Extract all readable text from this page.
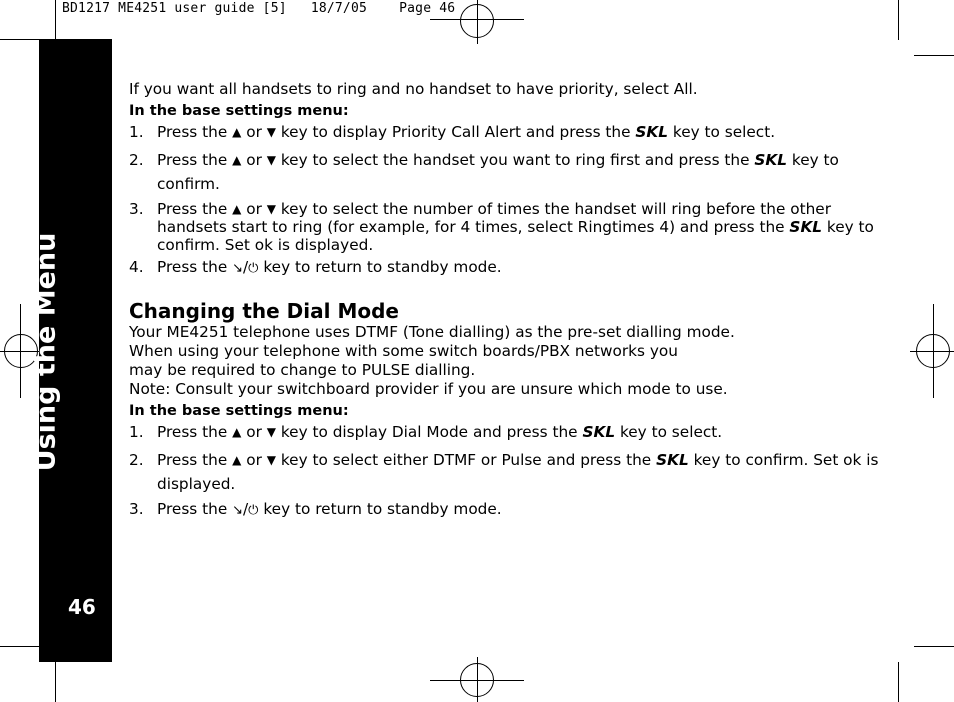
BD1217 ME4251 user guide [5]   18/7/05    Page 46
Using the Menu
46

If you want all handsets to ring and no handset to have priority, select All.

In the base settings menu:

1. Press the ▲ or ▼ key to display Priority Call Alert and press the SKL key to select.
2. Press the ▲ or ▼ key to select the handset you want to ring first and press the SKL key to confirm.
3. Press the ▲ or ▼ key to select the number of times the handset will ring before the other handsets start to ring (for example, for 4 times, select Ringtimes 4) and press the SKL key to confirm. Set ok is displayed.
4. Press the ↘/⏻ key to return to standby mode.
Changing the Dial Mode

Your ME4251 telephone uses DTMF (Tone dialling) as the pre-set dialling mode.

When using your telephone with some switch boards/PBX networks you

may be required to change to PULSE dialling.

Note: Consult your switchboard provider if you are unsure which mode to use.

In the base settings menu:

1. Press the ▲ or ▼ key to display Dial Mode and press the SKL key to select.
2. Press the ▲ or ▼ key to select either DTMF or Pulse and press the SKL key to confirm. Set ok is displayed.
3. Press the ↘/⏻ key to return to standby mode.
